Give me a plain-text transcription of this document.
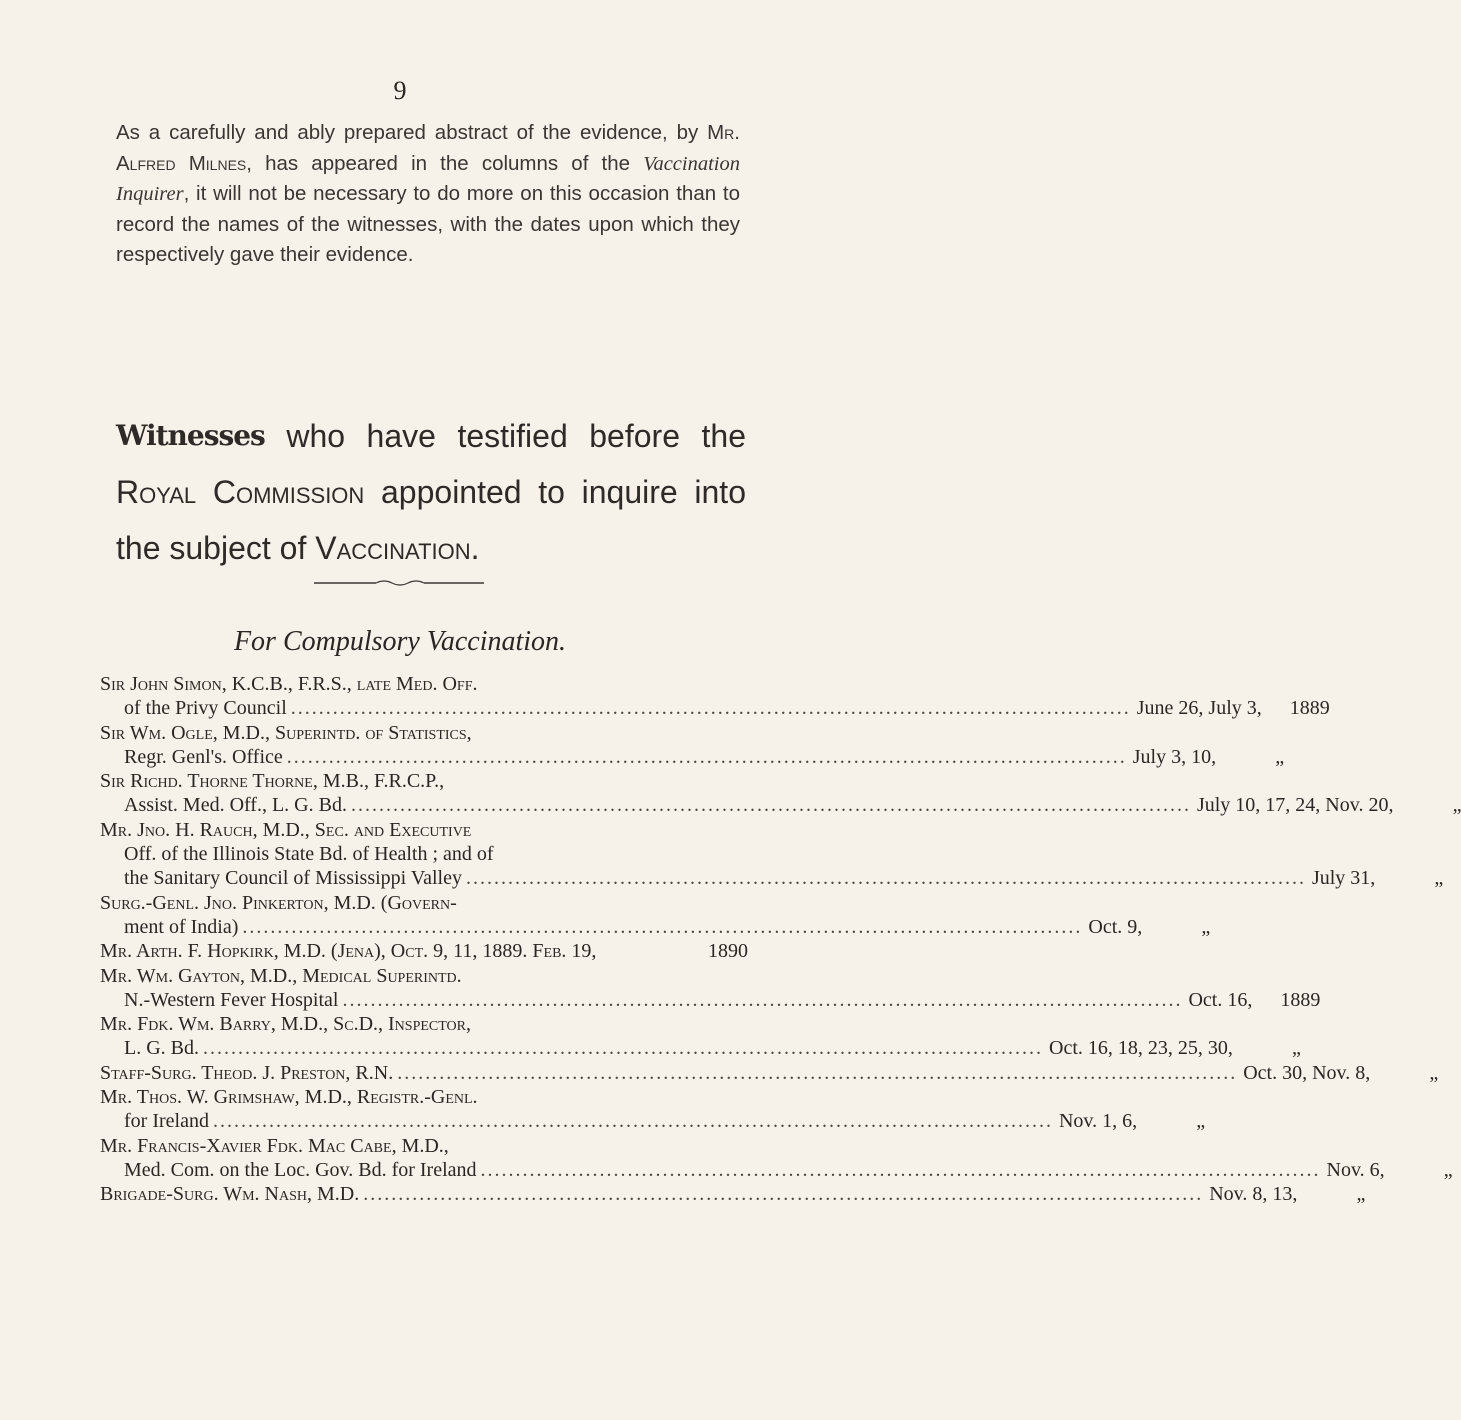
9
As a carefully and ably prepared abstract of the evidence, by Mr. Alfred Milnes, has appeared in the columns of the Vaccination Inquirer, it will not be necessary to do more on this occasion than to record the names of the witnesses, with the dates upon which they respectively gave their evidence.
Witnesses who have testified before the
Royal Commission appointed to inquire into
the subject of Vaccination.
For Compulsory Vaccination.
Sir John Simon, K.C.B., F.R.S., late Med. Off.
of the Privy Council ........................................................................................................................ June 26, July 3,	1889
Sir Wm. Ogle, M.D., Superintd. of Statistics,
Regr. Genl's. Office ........................................................................................................................ July 3, 10,	„
Sir Richd. Thorne Thorne, M.B., F.R.C.P.,
Assist. Med. Off., L. G. Bd. ........................................................................................................................ July 10, 17, 24, Nov. 20,	„
Mr. Jno. H. Rauch, M.D., Sec. and Executive
Off. of the Illinois State Bd. of Health ; and of
the Sanitary Council of Mississippi Valley ........................................................................................................................ July 31,	„
Surg.-Genl. Jno. Pinkerton, M.D. (Govern-
ment of India) ........................................................................................................................ Oct. 9,	„
Mr. Arth. F. Hopkirk, M.D. (Jena), Oct. 9, 11, 1889. Feb. 19,	1890
Mr. Wm. Gayton, M.D., Medical Superintd.
N.-Western Fever Hospital ........................................................................................................................ Oct. 16,	1889
Mr. Fdk. Wm. Barry, M.D., Sc.D., Inspector,
L. G. Bd. ........................................................................................................................ Oct. 16, 18, 23, 25, 30,	„
Staff-Surg. Theod. J. Preston, R.N. ........................................................................................................................ Oct. 30, Nov. 8,	„
Mr. Thos. W. Grimshaw, M.D., Registr.-Genl.
for Ireland ........................................................................................................................ Nov. 1, 6,	„
Mr. Francis-Xavier Fdk. Mac Cabe, M.D.,
Med. Com. on the Loc. Gov. Bd. for Ireland ........................................................................................................................ Nov. 6,	„
Brigade-Surg. Wm. Nash, M.D. ........................................................................................................................ Nov. 8, 13,	„
